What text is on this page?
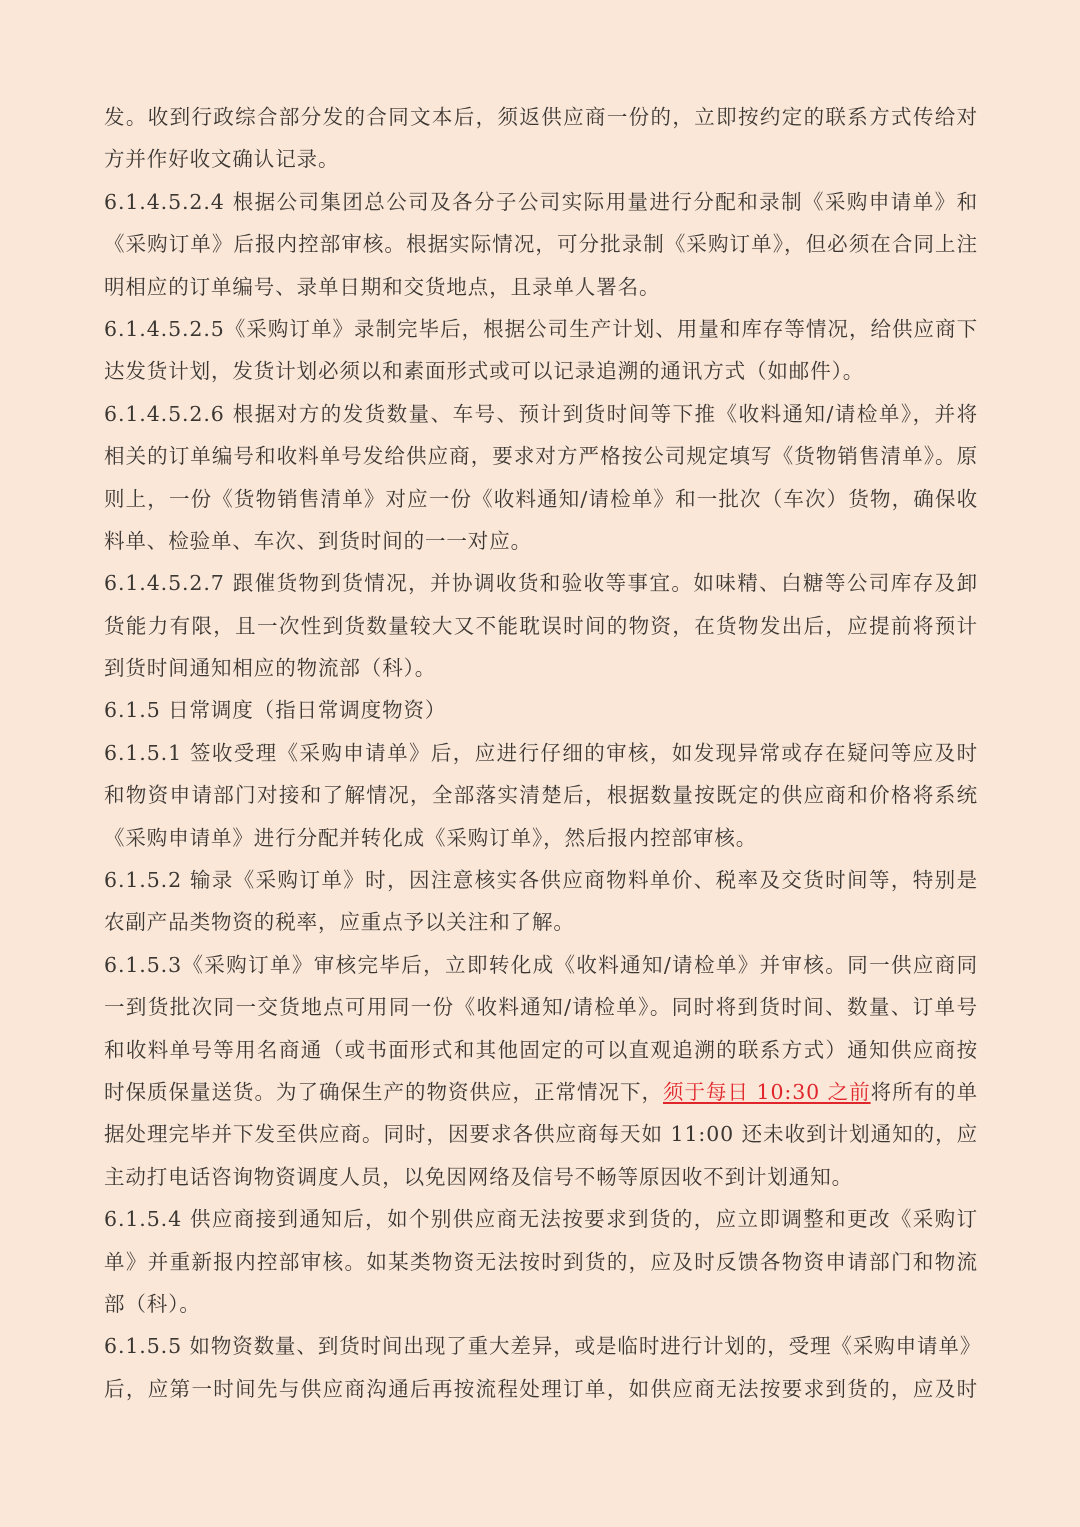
发。收到行政综合部分发的合同文本后，须返供应商一份的，立即按约定的联系方式传给对
方并作好收文确认记录。
6.1.4.5.2.4 根据公司集团总公司及各分子公司实际用量进行分配和录制《采购申请单》和
《采购订单》后报内控部审核。根据实际情况，可分批录制《采购订单》，但必须在合同上注
明相应的订单编号、录单日期和交货地点，且录单人署名。
6.1.4.5.2.5《采购订单》录制完毕后，根据公司生产计划、用量和库存等情况，给供应商下
达发货计划，发货计划必须以和素面形式或可以记录追溯的通讯方式（如邮件）。
6.1.4.5.2.6 根据对方的发货数量、车号、预计到货时间等下推《收料通知/请检单》，并将
相关的订单编号和收料单号发给供应商，要求对方严格按公司规定填写《货物销售清单》。原
则上，一份《货物销售清单》对应一份《收料通知/请检单》和一批次（车次）货物，确保收
料单、检验单、车次、到货时间的一一对应。
6.1.4.5.2.7 跟催货物到货情况，并协调收货和验收等事宜。如味精、白糖等公司库存及卸
货能力有限，且一次性到货数量较大又不能耽误时间的物资，在货物发出后，应提前将预计
到货时间通知相应的物流部（科）。
6.1.5 日常调度（指日常调度物资）
6.1.5.1 签收受理《采购申请单》后，应进行仔细的审核，如发现异常或存在疑问等应及时
和物资申请部门对接和了解情况，全部落实清楚后，根据数量按既定的供应商和价格将系统
《采购申请单》进行分配并转化成《采购订单》，然后报内控部审核。
6.1.5.2 输录《采购订单》时，因注意核实各供应商物料单价、税率及交货时间等，特别是
农副产品类物资的税率，应重点予以关注和了解。
6.1.5.3《采购订单》审核完毕后，立即转化成《收料通知/请检单》并审核。同一供应商同
一到货批次同一交货地点可用同一份《收料通知/请检单》。同时将到货时间、数量、订单号
和收料单号等用名商通（或书面形式和其他固定的可以直观追溯的联系方式）通知供应商按
时保质保量送货。为了确保生产的物资供应，正常情况下，须于每日 10:30 之前将所有的单
据处理完毕并下发至供应商。同时，因要求各供应商每天如 11:00 还未收到计划通知的，应
主动打电话咨询物资调度人员，以免因网络及信号不畅等原因收不到计划通知。
6.1.5.4 供应商接到通知后，如个别供应商无法按要求到货的，应立即调整和更改《采购订
单》并重新报内控部审核。如某类物资无法按时到货的，应及时反馈各物资申请部门和物流
部（科）。
6.1.5.5 如物资数量、到货时间出现了重大差异，或是临时进行计划的，受理《采购申请单》
后，应第一时间先与供应商沟通后再按流程处理订单，如供应商无法按要求到货的，应及时
